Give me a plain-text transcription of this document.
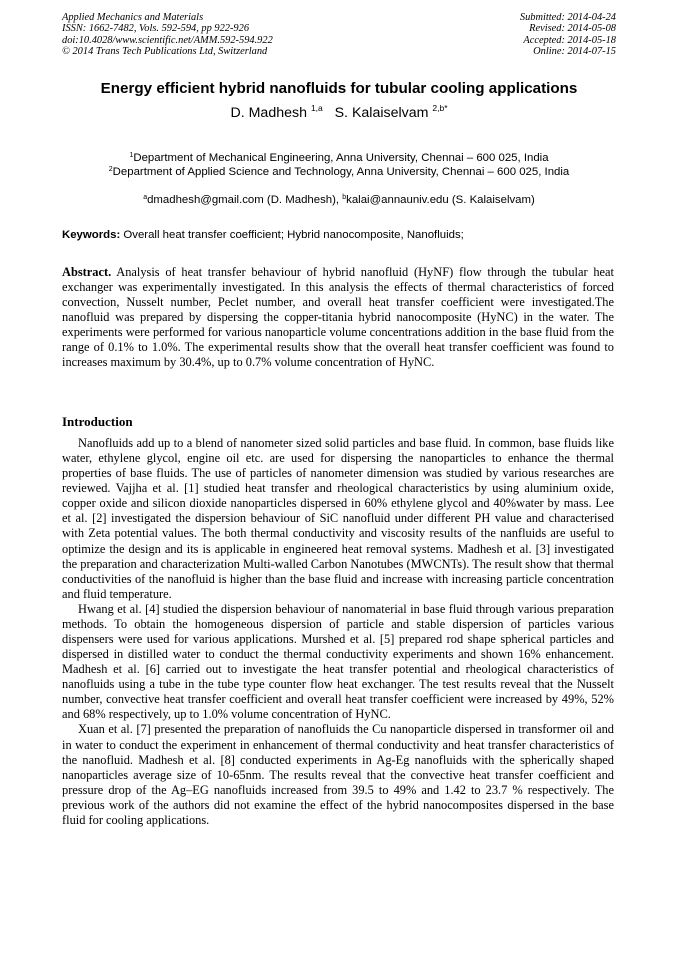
Applied Mechanics and Materials
ISSN: 1662-7482, Vols. 592-594, pp 922-926
doi:10.4028/www.scientific.net/AMM.592-594.922
© 2014 Trans Tech Publications Ltd, Switzerland
Submitted: 2014-04-24
Revised: 2014-05-08
Accepted: 2014-05-18
Online: 2014-07-15
Energy efficient hybrid nanofluids for tubular cooling applications
D. Madhesh $^{1,a}$ S. Kalaiselvam $^{2,b*}$
$^1$Department of Mechanical Engineering, Anna University, Chennai – 600 025, India
$^2$Department of Applied Science and Technology, Anna University, Chennai – 600 025, India
$^a$dmadhesh@gmail.com (D. Madhesh), $^b$kalai@annauniv.edu (S. Kalaiselvam)
Keywords: Overall heat transfer coefficient; Hybrid nanocomposite, Nanofluids;
Abstract. Analysis of heat transfer behaviour of hybrid nanofluid (HyNF) flow through the tubular heat exchanger was experimentally investigated. In this analysis the effects of thermal characteristics of forced convection, Nusselt number, Peclet number, and overall heat transfer coefficient were investigated.The nanofluid was prepared by dispersing the copper-titania hybrid nanocomposite (HyNC) in the water. The experiments were performed for various nanoparticle volume concentrations addition in the base fluid from the range of 0.1% to 1.0%. The experimental results show that the overall heat transfer coefficient was found to increases maximum by 30.4%, up to 0.7% volume concentration of HyNC.
Introduction

Nanofluids add up to a blend of nanometer sized solid particles and base fluid. In common, base fluids like water, ethylene glycol, engine oil etc. are used for dispersing the nanoparticles to enhance the thermal properties of base fluids. The use of particles of nanometer dimension was studied by various researches are reviewed. Vajjha et al. [1] studied heat transfer and rheological characteristics by using aluminium oxide, copper oxide and silicon dioxide nanoparticles dispersed in 60% ethylene glycol and 40%water by mass. Lee et al. [2] investigated the dispersion behaviour of SiC nanofluid under different PH value and characterised with Zeta potential values. The both thermal conductivity and viscosity results of the nanfluids are useful to optimize the design and its is applicable in engineered heat removal systems. Madhesh et al. [3] investigated the preparation and characterization Multi-walled Carbon Nanotubes (MWCNTs). The result show that thermal conductivities of the nanofluid is higher than the base fluid and increase with increasing particle concentration and fluid temperature.

Hwang et al. [4] studied the dispersion behaviour of nanomaterial in base fluid through various preparation methods. To obtain the homogeneous dispersion of particle and stable dispersion of particles various dispensers were used for various applications. Murshed et al. [5] prepared rod shape spherical particles and dispersed in distilled water to conduct the thermal conductivity experiments and shown 16% enhancement. Madhesh et al. [6] carried out to investigate the heat transfer potential and rheological characteristics of nanofluids using a tube in the tube type counter flow heat exchanger. The test results reveal that the Nusselt number, convective heat transfer coefficient and overall heat transfer coefficient were increased by 49%, 52% and 68% respectively, up to 1.0% volume concentration of HyNC.

Xuan et al. [7] presented the preparation of nanofluids the Cu nanoparticle dispersed in transformer oil and in water to conduct the experiment in enhancement of thermal conductivity and heat transfer characteristics of the nanofluid. Madhesh et al. [8] conducted experiments in Ag-Eg nanofluids with the spherically shaped nanoparticles average size of 10-65nm. The results reveal that the convective heat transfer coefficient and pressure drop of the Ag–EG nanofluids increased from 39.5 to 49% and 1.42 to 23.7 % respectively. The previous work of the authors did not examine the effect of the hybrid nanocomposites dispersed in the base fluid for cooling applications.
